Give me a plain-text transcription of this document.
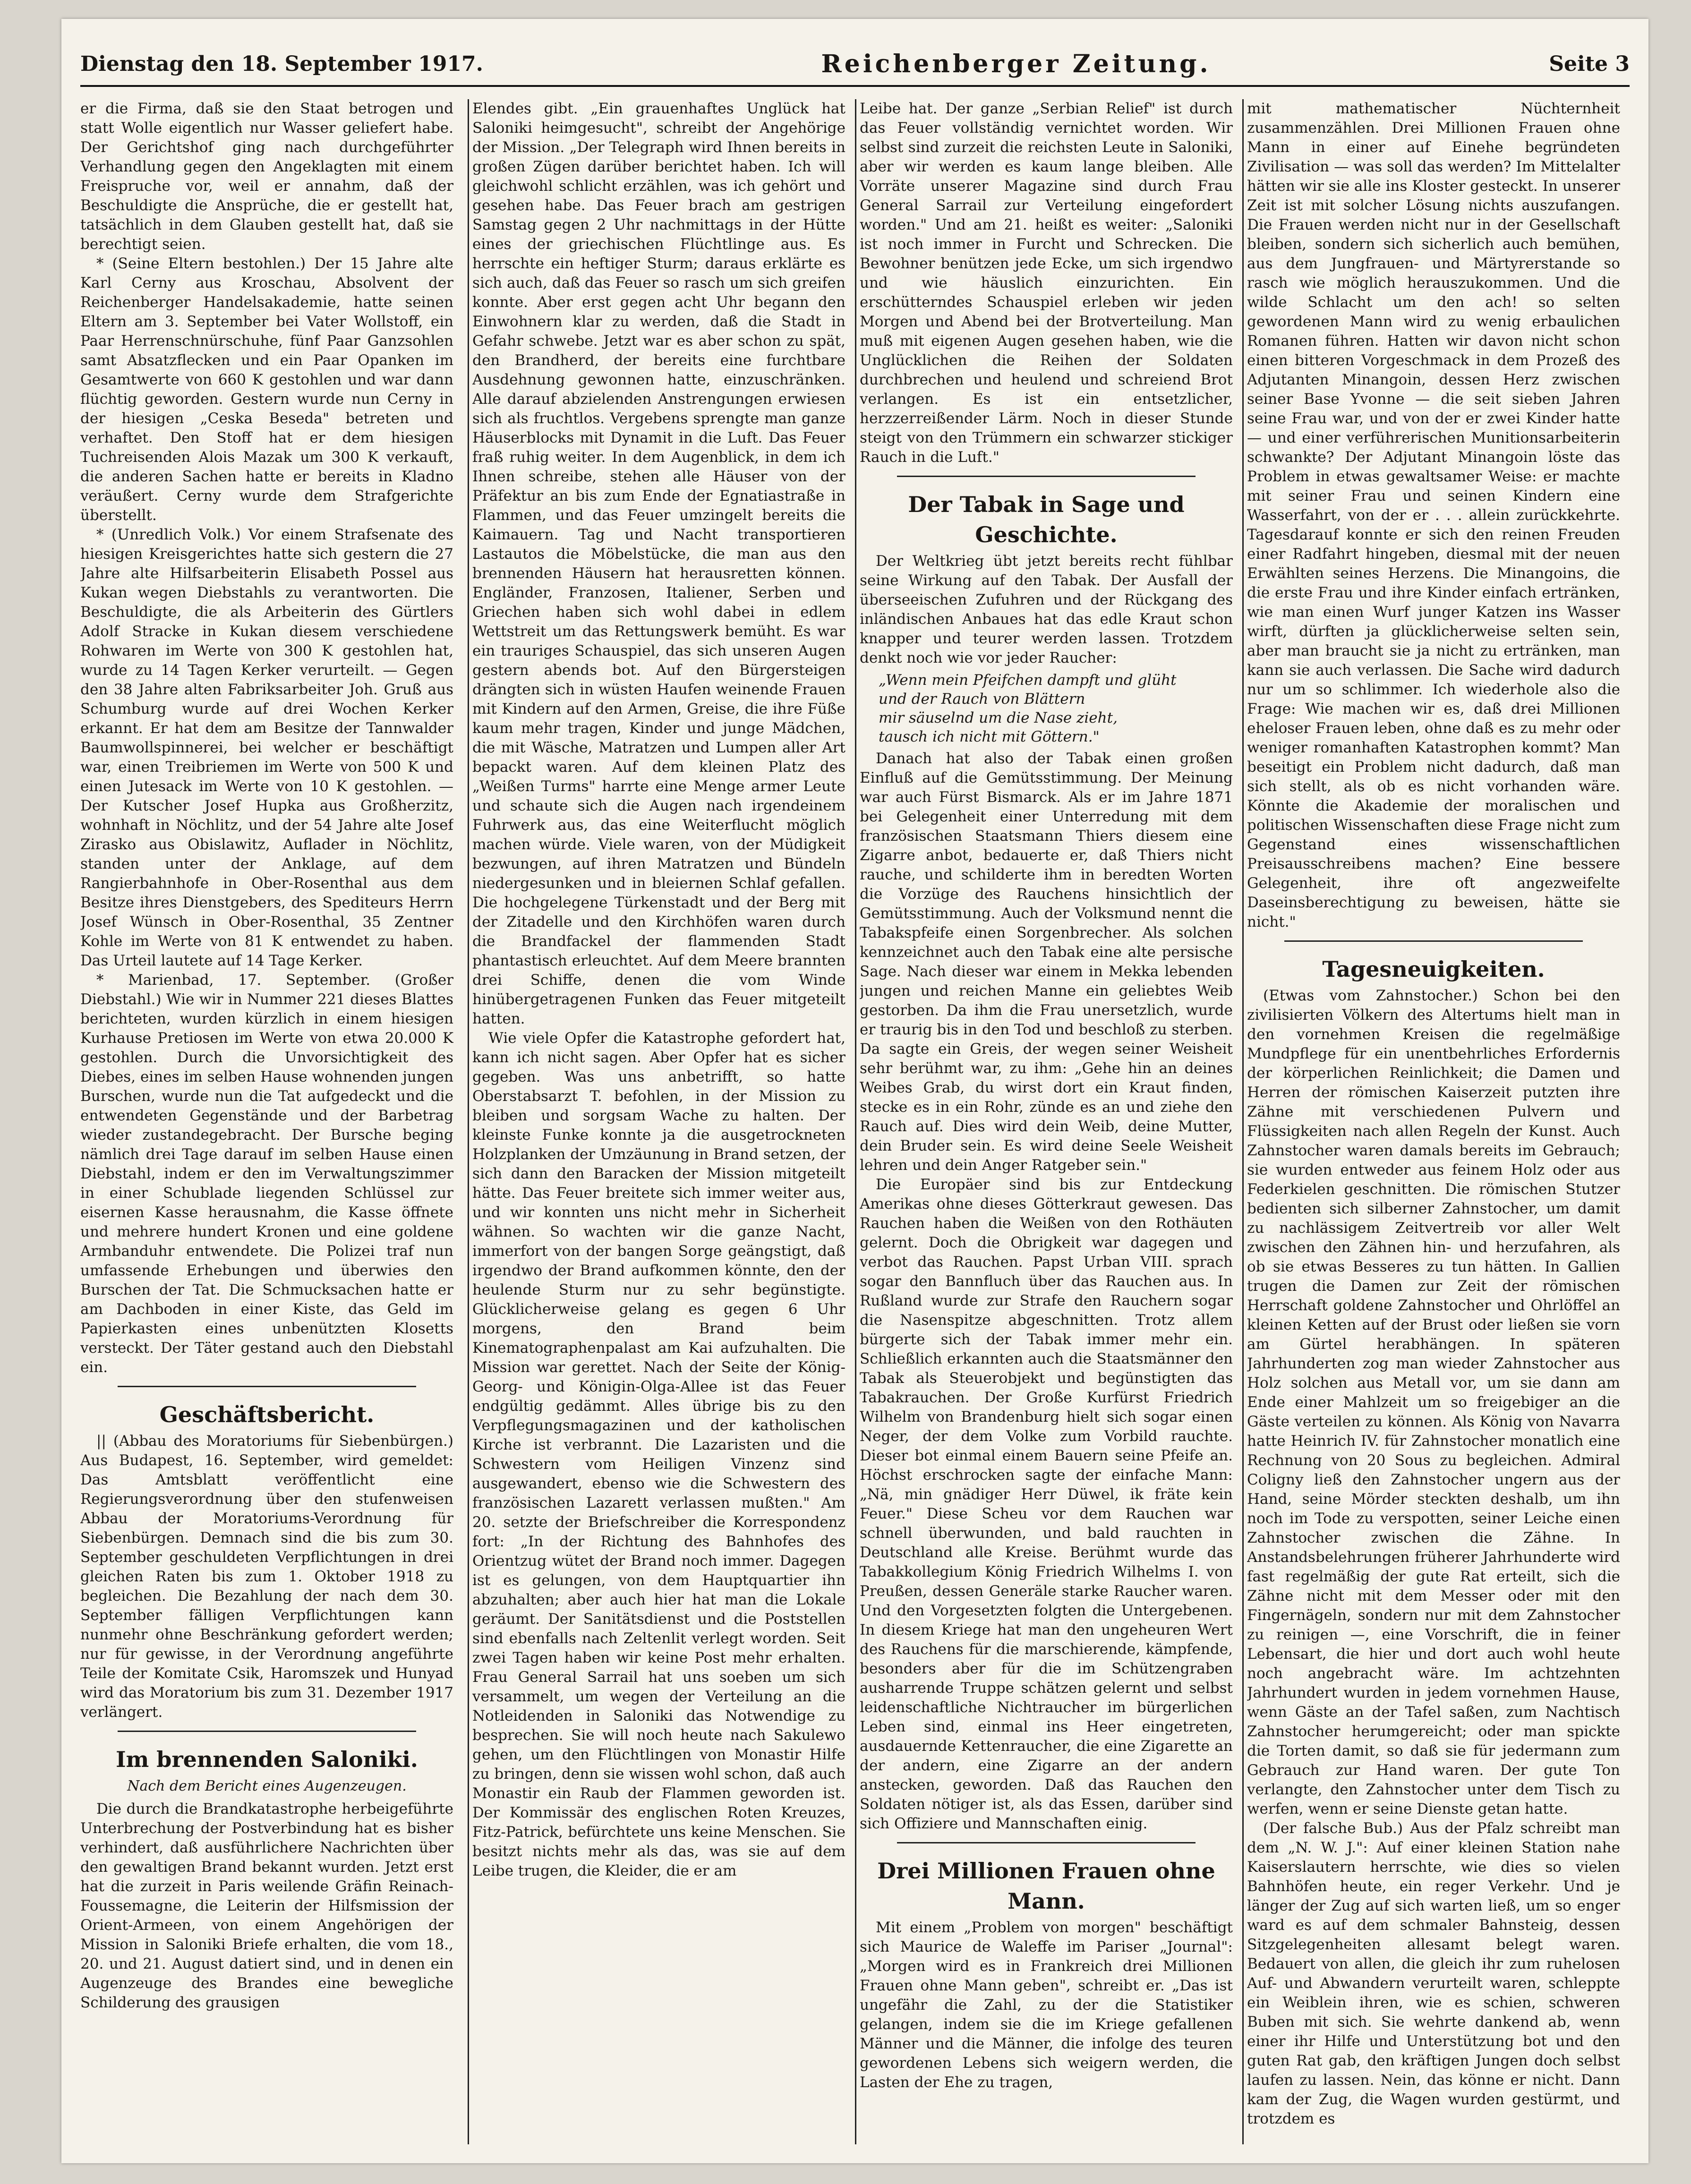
Dienstag den 18. September 1917.	Reichenberger Zeitung.	Seite 3

er die Firma, daß sie den Staat betrogen und statt Wolle eigentlich nur Wasser geliefert habe. Der Gerichtshof ging nach durchgeführter Verhandlung gegen den Angeklagten mit einem Freispruche vor, weil er annahm, daß der Beschuldigte die Ansprüche, die er gestellt hat, tatsächlich in dem Glauben gestellt hat, daß sie berechtigt seien.

* (Seine Eltern bestohlen.) Der 15 Jahre alte Karl Cerny aus Kroschau, Absolvent der Reichenberger Handelsakademie, hatte seinen Eltern am 3. September bei Vater Wollstoff, ein Paar Herrenschnürschuhe, fünf Paar Ganzsohlen samt Absatzflecken und ein Paar Opanken im Gesamtwerte von 660 K gestohlen und war dann flüchtig geworden. Gestern wurde nun Cerny in der hiesigen „Ceska Beseda" betreten und verhaftet. Den Stoff hat er dem hiesigen Tuchreisenden Alois Mazak um 300 K verkauft, die anderen Sachen hatte er bereits in Kladno veräußert. Cerny wurde dem Strafgerichte überstellt.

* (Unredlich Volk.) Vor einem Strafsenate des hiesigen Kreisgerichtes hatte sich gestern die 27 Jahre alte Hilfsarbeiterin Elisabeth Possel aus Kukan wegen Diebstahls zu verantworten. Die Beschuldigte, die als Arbeiterin des Gürtlers Adolf Stracke in Kukan diesem verschiedene Rohwaren im Werte von 300 K gestohlen hat, wurde zu 14 Tagen Kerker verurteilt. — Gegen den 38 Jahre alten Fabriksarbeiter Joh. Gruß aus Schumburg wurde auf drei Wochen Kerker erkannt. Er hat dem am Besitze der Tannwalder Baumwollspinnerei, bei welcher er beschäftigt war, einen Treibriemen im Werte von 500 K und einen Jutesack im Werte von 10 K gestohlen. — Der Kutscher Josef Hupka aus Großherzitz, wohnhaft in Nöchlitz, und der 54 Jahre alte Josef Zirasko aus Obislawitz, Auflader in Nöchlitz, standen unter der Anklage, auf dem Rangierbahnhofe in Ober-Rosenthal aus dem Besitze ihres Dienstgebers, des Spediteurs Herrn Josef Wünsch in Ober-Rosenthal, 35 Zentner Kohle im Werte von 81 K entwendet zu haben. Das Urteil lautete auf 14 Tage Kerker.

* Marienbad, 17. September. (Großer Diebstahl.) Wie wir in Nummer 221 dieses Blattes berichteten, wurden kürzlich in einem hiesigen Kurhause Pretiosen im Werte von etwa 20.000 K gestohlen. Durch die Unvorsichtigkeit des Diebes, eines im selben Hause wohnenden jungen Burschen, wurde nun die Tat aufgedeckt und die entwendeten Gegenstände und der Barbetrag wieder zustandegebracht. Der Bursche beging nämlich drei Tage darauf im selben Hause einen Diebstahl, indem er den im Verwaltungszimmer in einer Schublade liegenden Schlüssel zur eisernen Kasse herausnahm, die Kasse öffnete und mehrere hundert Kronen und eine goldene Armbanduhr entwendete. Die Polizei traf nun umfassende Erhebungen und überwies den Burschen der Tat. Die Schmucksachen hatte er am Dachboden in einer Kiste, das Geld im Papierkasten eines unbenützten Klosetts versteckt. Der Täter gestand auch den Diebstahl ein.

Geschäftsbericht.

|| (Abbau des Moratoriums für Siebenbürgen.) Aus Budapest, 16. September, wird gemeldet: Das Amtsblatt veröffentlicht eine Regierungsverordnung über den stufenweisen Abbau der Moratoriums-Verordnung für Siebenbürgen. Demnach sind die bis zum 30. September geschuldeten Verpflichtungen in drei gleichen Raten bis zum 1. Oktober 1918 zu begleichen. Die Bezahlung der nach dem 30. September fälligen Verpflichtungen kann nunmehr ohne Beschränkung gefordert werden; nur für gewisse, in der Verordnung angeführte Teile der Komitate Csik, Haromszek und Hunyad wird das Moratorium bis zum 31. Dezember 1917 verlängert.

Im brennenden Saloniki.
Nach dem Bericht eines Augenzeugen.

Die durch die Brandkatastrophe herbeigeführte Unterbrechung der Postverbindung hat es bisher verhindert, daß ausführlichere Nachrichten über den gewaltigen Brand bekannt wurden. Jetzt erst hat die zurzeit in Paris weilende Gräfin Reinach-Foussemagne, die Leiterin der Hilfsmission der Orient-Armeen, von einem Angehörigen der Mission in Saloniki Briefe erhalten, die vom 18., 20. und 21. August datiert sind, und in denen ein Augenzeuge des Brandes eine bewegliche Schilderung des grausigen

Elendes gibt. „Ein grauenhaftes Unglück hat Saloniki heimgesucht", schreibt der Angehörige der Mission. „Der Telegraph wird Ihnen bereits in großen Zügen darüber berichtet haben. Ich will gleichwohl schlicht erzählen, was ich gehört und gesehen habe. Das Feuer brach am gestrigen Samstag gegen 2 Uhr nachmittags in der Hütte eines der griechischen Flüchtlinge aus. Es herrschte ein heftiger Sturm; daraus erklärte es sich auch, daß das Feuer so rasch um sich greifen konnte. Aber erst gegen acht Uhr begann den Einwohnern klar zu werden, daß die Stadt in Gefahr schwebe. Jetzt war es aber schon zu spät, den Brandherd, der bereits eine furchtbare Ausdehnung gewonnen hatte, einzuschränken. Alle darauf abzielenden Anstrengungen erwiesen sich als fruchtlos. Vergebens sprengte man ganze Häuserblocks mit Dynamit in die Luft. Das Feuer fraß ruhig weiter. In dem Augenblick, in dem ich Ihnen schreibe, stehen alle Häuser von der Präfektur an bis zum Ende der Egnatiastraße in Flammen, und das Feuer umzingelt bereits die Kaimauern. Tag und Nacht transportieren Lastautos die Möbelstücke, die man aus den brennenden Häusern hat herausretten können. Engländer, Franzosen, Italiener, Serben und Griechen haben sich wohl dabei in edlem Wettstreit um das Rettungswerk bemüht. Es war ein trauriges Schauspiel, das sich unseren Augen gestern abends bot. Auf den Bürgersteigen drängten sich in wüsten Haufen weinende Frauen mit Kindern auf den Armen, Greise, die ihre Füße kaum mehr tragen, Kinder und junge Mädchen, die mit Wäsche, Matratzen und Lumpen aller Art bepackt waren. Auf dem kleinen Platz des „Weißen Turms" harrte eine Menge armer Leute und schaute sich die Augen nach irgendeinem Fuhrwerk aus, das eine Weiterflucht möglich machen würde. Viele waren, von der Müdigkeit bezwungen, auf ihren Matratzen und Bündeln niedergesunken und in bleiernen Schlaf gefallen. Die hochgelegene Türkenstadt und der Berg mit der Zitadelle und den Kirchhöfen waren durch die Brandfackel der flammenden Stadt phantastisch erleuchtet. Auf dem Meere brannten drei Schiffe, denen die vom Winde hinübergetragenen Funken das Feuer mitgeteilt hatten.

Wie viele Opfer die Katastrophe gefordert hat, kann ich nicht sagen. Aber Opfer hat es sicher gegeben. Was uns anbetrifft, so hatte Oberstabsarzt T. befohlen, in der Mission zu bleiben und sorgsam Wache zu halten. Der kleinste Funke konnte ja die ausgetrockneten Holzplanken der Umzäunung in Brand setzen, der sich dann den Baracken der Mission mitgeteilt hätte. Das Feuer breitete sich immer weiter aus, und wir konnten uns nicht mehr in Sicherheit wähnen. So wachten wir die ganze Nacht, immerfort von der bangen Sorge geängstigt, daß irgendwo der Brand aufkommen könnte, den der heulende Sturm nur zu sehr begünstigte. Glücklicherweise gelang es gegen 6 Uhr morgens, den Brand beim Kinematographenpalast am Kai aufzuhalten. Die Mission war gerettet. Nach der Seite der König-Georg- und Königin-Olga-Allee ist das Feuer endgültig gedämmt. Alles übrige bis zu den Verpflegungsmagazinen und der katholischen Kirche ist verbrannt. Die Lazaristen und die Schwestern vom Heiligen Vinzenz sind ausgewandert, ebenso wie die Schwestern des französischen Lazarett verlassen mußten." Am 20. setzte der Briefschreiber die Korrespondenz fort: „In der Richtung des Bahnhofes des Orientzug wütet der Brand noch immer. Dagegen ist es gelungen, von dem Hauptquartier ihn abzuhalten; aber auch hier hat man die Lokale geräumt. Der Sanitätsdienst und die Poststellen sind ebenfalls nach Zeltenlit verlegt worden. Seit zwei Tagen haben wir keine Post mehr erhalten. Frau General Sarrail hat uns soeben um sich versammelt, um wegen der Verteilung an die Notleidenden in Saloniki das Notwendige zu besprechen. Sie will noch heute nach Sakulewo gehen, um den Flüchtlingen von Monastir Hilfe zu bringen, denn sie wissen wohl schon, daß auch Monastir ein Raub der Flammen geworden ist. Der Kommissär des englischen Roten Kreuzes, Fitz-Patrick, befürchtete uns keine Menschen. Sie besitzt nichts mehr als das, was sie auf dem Leibe trugen, die Kleider, die er am

Leibe hat. Der ganze „Serbian Relief" ist durch das Feuer vollständig vernichtet worden. Wir selbst sind zurzeit die reichsten Leute in Saloniki, aber wir werden es kaum lange bleiben. Alle Vorräte unserer Magazine sind durch Frau General Sarrail zur Verteilung eingefordert worden." Und am 21. heißt es weiter: „Saloniki ist noch immer in Furcht und Schrecken. Die Bewohner benützen jede Ecke, um sich irgendwo und wie häuslich einzurichten. Ein erschütterndes Schauspiel erleben wir jeden Morgen und Abend bei der Brotverteilung. Man muß mit eigenen Augen gesehen haben, wie die Unglücklichen die Reihen der Soldaten durchbrechen und heulend und schreiend Brot verlangen. Es ist ein entsetzlicher, herzzerreißender Lärm. Noch in dieser Stunde steigt von den Trümmern ein schwarzer stickiger Rauch in die Luft."

Der Tabak in Sage und Geschichte.

Der Weltkrieg übt jetzt bereits recht fühlbar seine Wirkung auf den Tabak. Der Ausfall der überseeischen Zufuhren und der Rückgang des inländischen Anbaues hat das edle Kraut schon knapper und teurer werden lassen. Trotzdem denkt noch wie vor jeder Raucher:

„Wenn mein Pfeifchen dampft und glüht
und der Rauch von Blättern
mir säuselnd um die Nase zieht,
tausch ich nicht mit Göttern."

Danach hat also der Tabak einen großen Einfluß auf die Gemütsstimmung. Der Meinung war auch Fürst Bismarck. Als er im Jahre 1871 bei Gelegenheit einer Unterredung mit dem französischen Staatsmann Thiers diesem eine Zigarre anbot, bedauerte er, daß Thiers nicht rauche, und schilderte ihm in beredten Worten die Vorzüge des Rauchens hinsichtlich der Gemütsstimmung. Auch der Volksmund nennt die Tabakspfeife einen Sorgenbrecher. Als solchen kennzeichnet auch den Tabak eine alte persische Sage. Nach dieser war einem in Mekka lebenden jungen und reichen Manne ein geliebtes Weib gestorben. Da ihm die Frau unersetzlich, wurde er traurig bis in den Tod und beschloß zu sterben. Da sagte ein Greis, der wegen seiner Weisheit sehr berühmt war, zu ihm: „Gehe hin an deines Weibes Grab, du wirst dort ein Kraut finden, stecke es in ein Rohr, zünde es an und ziehe den Rauch auf. Dies wird dein Weib, deine Mutter, dein Bruder sein. Es wird deine Seele Weisheit lehren und dein Anger Ratgeber sein."

Die Europäer sind bis zur Entdeckung Amerikas ohne dieses Götterkraut gewesen. Das Rauchen haben die Weißen von den Rothäuten gelernt. Doch die Obrigkeit war dagegen und verbot das Rauchen. Papst Urban VIII. sprach sogar den Bannfluch über das Rauchen aus. In Rußland wurde zur Strafe den Rauchern sogar die Nasenspitze abgeschnitten. Trotz allem bürgerte sich der Tabak immer mehr ein. Schließlich erkannten auch die Staatsmänner den Tabak als Steuerobjekt und begünstigten das Tabakrauchen. Der Große Kurfürst Friedrich Wilhelm von Brandenburg hielt sich sogar einen Neger, der dem Volke zum Vorbild rauchte. Dieser bot einmal einem Bauern seine Pfeife an. Höchst erschrocken sagte der einfache Mann: „Nä, min gnädiger Herr Düwel, ik fräte kein Feuer." Diese Scheu vor dem Rauchen war schnell überwunden, und bald rauchten in Deutschland alle Kreise. Berühmt wurde das Tabakkollegium König Friedrich Wilhelms I. von Preußen, dessen Generäle starke Raucher waren. Und den Vorgesetzten folgten die Untergebenen. In diesem Kriege hat man den ungeheuren Wert des Rauchens für die marschierende, kämpfende, besonders aber für die im Schützengraben ausharrende Truppe schätzen gelernt und selbst leidenschaftliche Nichtraucher im bürgerlichen Leben sind, einmal ins Heer eingetreten, ausdauernde Kettenraucher, die eine Zigarette an der andern, eine Zigarre an der andern anstecken, geworden. Daß das Rauchen den Soldaten nötiger ist, als das Essen, darüber sind sich Offiziere und Mannschaften einig.

Drei Millionen Frauen ohne Mann.

Mit einem „Problem von morgen" beschäftigt sich Maurice de Waleffe im Pariser „Journal": „Morgen wird es in Frankreich drei Millionen Frauen ohne Mann geben", schreibt er. „Das ist ungefähr die Zahl, zu der die Statistiker gelangen, indem sie die im Kriege gefallenen Männer und die Männer, die infolge des teuren gewordenen Lebens sich weigern werden, die Lasten der Ehe zu tragen,

mit mathematischer Nüchternheit zusammenzählen. Drei Millionen Frauen ohne Mann in einer auf Einehe begründeten Zivilisation — was soll das werden? Im Mittelalter hätten wir sie alle ins Kloster gesteckt. In unserer Zeit ist mit solcher Lösung nichts auszufangen. Die Frauen werden nicht nur in der Gesellschaft bleiben, sondern sich sicherlich auch bemühen, aus dem Jungfrauen- und Märtyrerstande so rasch wie möglich herauszukommen. Und die wilde Schlacht um den ach! so selten gewordenen Mann wird zu wenig erbaulichen Romanen führen. Hatten wir davon nicht schon einen bitteren Vorgeschmack in dem Prozeß des Adjutanten Minangoin, dessen Herz zwischen seiner Base Yvonne — die seit sieben Jahren seine Frau war, und von der er zwei Kinder hatte — und einer verführerischen Munitionsarbeiterin schwankte? Der Adjutant Minangoin löste das Problem in etwas gewaltsamer Weise: er machte mit seiner Frau und seinen Kindern eine Wasserfahrt, von der er . . . allein zurückkehrte. Tagesdarauf konnte er sich den reinen Freuden einer Radfahrt hingeben, diesmal mit der neuen Erwählten seines Herzens. Die Minangoins, die die erste Frau und ihre Kinder einfach ertränken, wie man einen Wurf junger Katzen ins Wasser wirft, dürften ja glücklicherweise selten sein, aber man braucht sie ja nicht zu ertränken, man kann sie auch verlassen. Die Sache wird dadurch nur um so schlimmer. Ich wiederhole also die Frage: Wie machen wir es, daß drei Millionen eheloser Frauen leben, ohne daß es zu mehr oder weniger romanhaften Katastrophen kommt? Man beseitigt ein Problem nicht dadurch, daß man sich stellt, als ob es nicht vorhanden wäre. Könnte die Akademie der moralischen und politischen Wissenschaften diese Frage nicht zum Gegenstand eines wissenschaftlichen Preisausschreibens machen? Eine bessere Gelegenheit, ihre oft angezweifelte Daseinsberechtigung zu beweisen, hätte sie nicht."

Tagesneuigkeiten.

(Etwas vom Zahnstocher.) Schon bei den zivilisierten Völkern des Altertums hielt man in den vornehmen Kreisen die regelmäßige Mundpflege für ein unentbehrliches Erfordernis der körperlichen Reinlichkeit; die Damen und Herren der römischen Kaiserzeit putzten ihre Zähne mit verschiedenen Pulvern und Flüssigkeiten nach allen Regeln der Kunst. Auch Zahnstocher waren damals bereits im Gebrauch; sie wurden entweder aus feinem Holz oder aus Federkielen geschnitten. Die römischen Stutzer bedienten sich silberner Zahnstocher, um damit zu nachlässigem Zeitvertreib vor aller Welt zwischen den Zähnen hin- und herzufahren, als ob sie etwas Besseres zu tun hätten. In Gallien trugen die Damen zur Zeit der römischen Herrschaft goldene Zahnstocher und Ohrlöffel an kleinen Ketten auf der Brust oder ließen sie vorn am Gürtel herabhängen. In späteren Jahrhunderten zog man wieder Zahnstocher aus Holz solchen aus Metall vor, um sie dann am Ende einer Mahlzeit um so freigebiger an die Gäste verteilen zu können. Als König von Navarra hatte Heinrich IV. für Zahnstocher monatlich eine Rechnung von 20 Sous zu begleichen. Admiral Coligny ließ den Zahnstocher ungern aus der Hand, seine Mörder steckten deshalb, um ihn noch im Tode zu verspotten, seiner Leiche einen Zahnstocher zwischen die Zähne. In Anstandsbelehrungen früherer Jahrhunderte wird fast regelmäßig der gute Rat erteilt, sich die Zähne nicht mit dem Messer oder mit den Fingernägeln, sondern nur mit dem Zahnstocher zu reinigen —, eine Vorschrift, die in feiner Lebensart, die hier und dort auch wohl heute noch angebracht wäre. Im achtzehnten Jahrhundert wurden in jedem vornehmen Hause, wenn Gäste an der Tafel saßen, zum Nachtisch Zahnstocher herumgereicht; oder man spickte die Torten damit, so daß sie für jedermann zum Gebrauch zur Hand waren. Der gute Ton verlangte, den Zahnstocher unter dem Tisch zu werfen, wenn er seine Dienste getan hatte.

(Der falsche Bub.) Aus der Pfalz schreibt man dem „N. W. J.": Auf einer kleinen Station nahe Kaiserslautern herrschte, wie dies so vielen Bahnhöfen heute, ein reger Verkehr. Und je länger der Zug auf sich warten ließ, um so enger ward es auf dem schmaler Bahnsteig, dessen Sitzgelegenheiten allesamt belegt waren. Bedauert von allen, die gleich ihr zum ruhelosen Auf- und Abwandern verurteilt waren, schleppte ein Weiblein ihren, wie es schien, schweren Buben mit sich. Sie wehrte dankend ab, wenn einer ihr Hilfe und Unterstützung bot und den guten Rat gab, den kräftigen Jungen doch selbst laufen zu lassen. Nein, das könne er nicht. Dann kam der Zug, die Wagen wurden gestürmt, und trotzdem es
